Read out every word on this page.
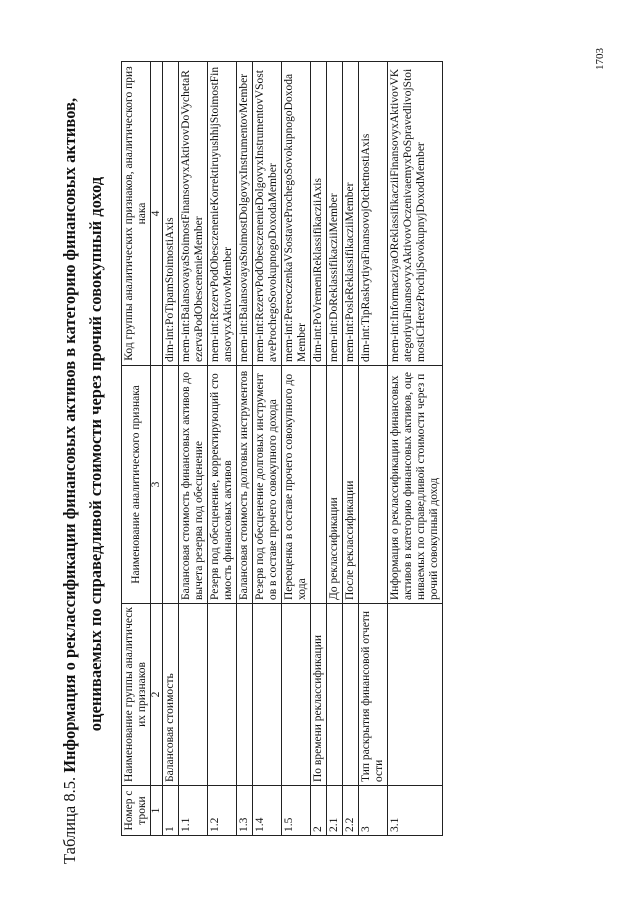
Таблица 8.5. Информация о реклассификации финансовых активов в категорию финансовых активов, оцениваемых по справедливой стоимости через прочий совокупный доход
Номер строки	Наименование группы аналитических признаков	Наименование аналитического признака	Код группы аналитических признаков, аналитического признака
1	2	3	4
1	Балансовая стоимость		dim-int:PoTipamStoimostiAxis
1.1		Балансовая стоимость финансовых активов до вычета резерва под обесценение	mem-int:BalansovayaStoimostFinansovyxAktivovDoVychetaRezervaPodObesceneniеMember
1.2		Резерв под обесценение, корректирующий стоимость финансовых активов	mem-int:RezervPodObesczenenieKorrektiruyushhijStoimostFinansovyxAktivovMember
1.3		Балансовая стоимость долговых инструментов	mem-int:BalansovayaStoimostDolgovyxInstrumentovMember
1.4		Резерв под обесценение долговых инструментов в составе прочего совокупного дохода	mem-int:RezervPodObesczenenieDolgovyxInstrumentovVSostaveProchegoSovokupnogoDoxodaMember
1.5		Переоценка в составе прочего совокупного дохода	mem-int:PereoczenkaVSostaveProchegoSovokupnogoDoxodaMember
2	По времени реклассификации		dim-int:PoVremeniReklassifikacziiAxis
2.1		До реклассификации	mem-int:DoReklassifikacziiMember
2.2		После реклассификации	mem-int:PosleReklassifikacziiMember
3	Тип раскрытия финансовой отчетности		dim-int:TipRaskrytiyaFinansovojOtchetnostiAxis
3.1		Информация о реклассификации финансовых активов в категорию финансовых активов, оцениваемых по справедливой стоимости через прочий совокупный доход	mem-int:InformacziyaOReklassifikacziiFinansovyxAktivovVKategoriyuFinansovyxAktivovOczenivaemyxPoSpravedlivojStoimostiCHerezProchijSovokupnyjDoxodMember
1703
